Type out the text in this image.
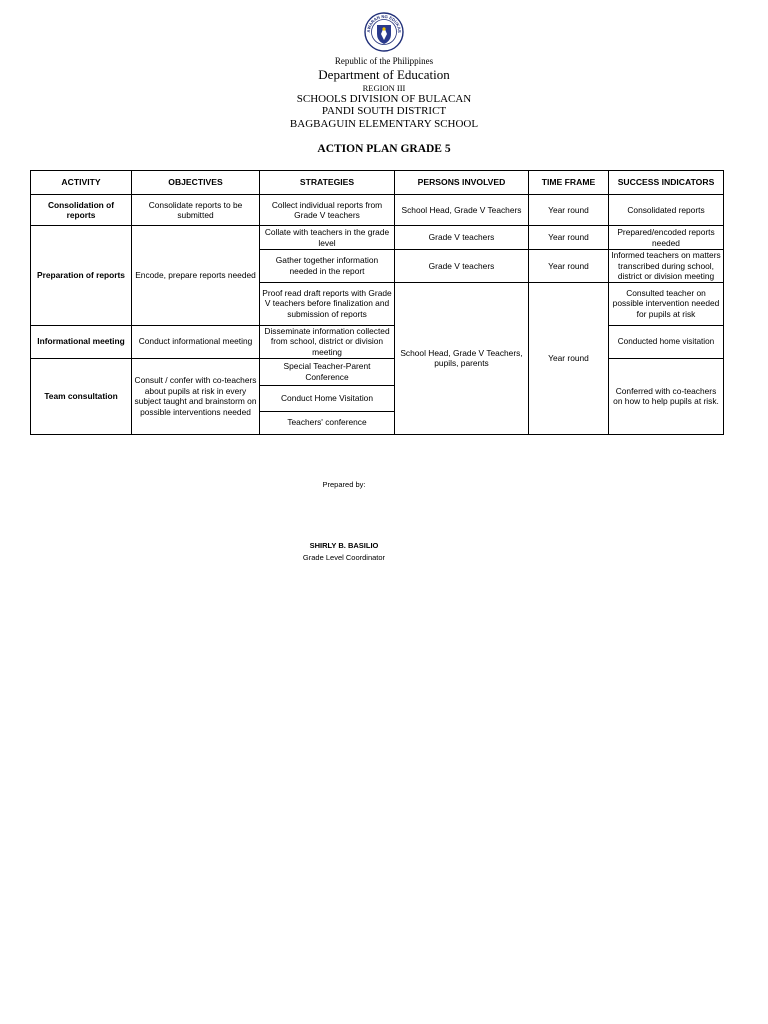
AWARAN NG EDUKAS
Republic of the Philippines
Department of Education
REGION III
SCHOOLS DIVISION OF BULACAN
PANDI SOUTH DISTRICT
BAGBAGUIN ELEMENTARY SCHOOL
ACTION PLAN GRADE 5
ACTIVITY	OBJECTIVES	STRATEGIES	PERSONS INVOLVED	TIME FRAME	SUCCESS INDICATORS
Consolidation of reports	Consolidate reports to be submitted	Collect individual reports from Grade V teachers	School Head, Grade V Teachers	Year round	Consolidated reports
Preparation of reports	Encode, prepare reports needed	Collate with teachers in the grade level	Grade V teachers	Year round	Prepared/encoded reports needed
		Gather together information needed in the report	Grade V teachers	Year round	Informed teachers on matters transcribed during school, district or division meeting
		Proof read draft reports with Grade V teachers before finalization and submission of reports	School Head, Grade V Teachers, pupils, parents	Year round	Consulted teacher on possible intervention needed for pupils at risk
Informational meeting	Conduct informational meeting	Disseminate information collected from school, district or division meeting			Conducted home visitation
Team consultation	Consult / confer with co-teachers about pupils at risk in every subject taught and brainstorm on possible interventions needed	Special Teacher-Parent Conference			Conferred with co-teachers on how to help pupils at risk.
		Conduct Home Visitation			
		Teachers' conference			
Prepared by:
SHIRLY B. BASILIO
Grade Level Coordinator
